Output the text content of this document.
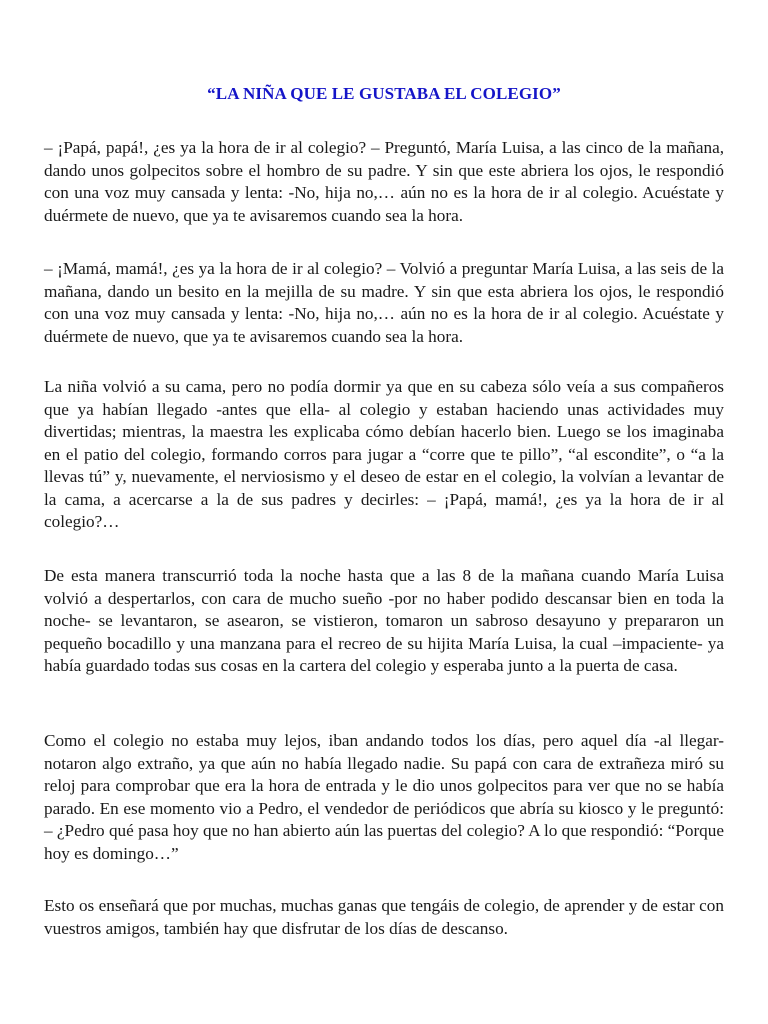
“LA NIÑA QUE LE GUSTABA EL COLEGIO”

– ¡Papá, papá!, ¿es ya la hora de ir al colegio? – Preguntó, María Luisa, a las cinco de la mañana, dando unos golpecitos sobre el hombro de su padre. Y sin que este abriera los ojos, le respondió con una voz muy cansada y lenta: -No, hija no,… aún no es la hora de ir al colegio. Acuéstate y duérmete de nuevo, que ya te avisaremos cuando sea la hora.

– ¡Mamá, mamá!, ¿es ya la hora de ir al colegio? – Volvió a preguntar María Luisa, a las seis de la mañana, dando un besito en la mejilla de su madre. Y sin que esta abriera los ojos, le respondió con una voz muy cansada y lenta: -No, hija no,… aún no es la hora de ir al colegio. Acuéstate y duérmete de nuevo, que ya te avisaremos cuando sea la hora.

La niña volvió a su cama, pero no podía dormir ya que en su cabeza sólo veía a sus compañeros que ya habían llegado -antes que ella- al colegio y estaban haciendo unas actividades muy divertidas; mientras, la maestra les explicaba cómo debían hacerlo bien. Luego se los imaginaba en el patio del colegio, formando corros para jugar a “corre que te pillo”, “al escondite”, o “a la llevas tú” y, nuevamente, el nerviosismo y el deseo de estar en el colegio, la volvían a levantar de la cama, a acercarse a la de sus padres y decirles: – ¡Papá, mamá!, ¿es ya la hora de ir al colegio?…

De esta manera transcurrió toda la noche hasta que a las 8 de la mañana cuando María Luisa volvió a despertarlos, con cara de mucho sueño -por no haber podido descansar bien en toda la noche- se levantaron, se asearon, se vistieron, tomaron un sabroso desayuno y prepararon un pequeño bocadillo y una manzana para el recreo de su hijita María Luisa, la cual –impaciente- ya había guardado todas sus cosas en la cartera del colegio y esperaba junto a la puerta de casa.

Como el colegio no estaba muy lejos, iban andando todos los días, pero aquel día -al llegar- notaron algo extraño, ya que aún no había llegado nadie. Su papá con cara de extrañeza miró su reloj para comprobar que era la hora de entrada y le dio unos golpecitos para ver que no se había parado. En ese momento vio a Pedro, el vendedor de periódicos que abría su kiosco y le preguntó: – ¿Pedro qué pasa hoy que no han abierto aún las puertas del colegio? A lo que respondió: “Porque hoy es domingo…”

Esto os enseñará que por muchas, muchas ganas que tengáis de colegio, de aprender y de estar con vuestros amigos, también hay que disfrutar de los días de descanso.
